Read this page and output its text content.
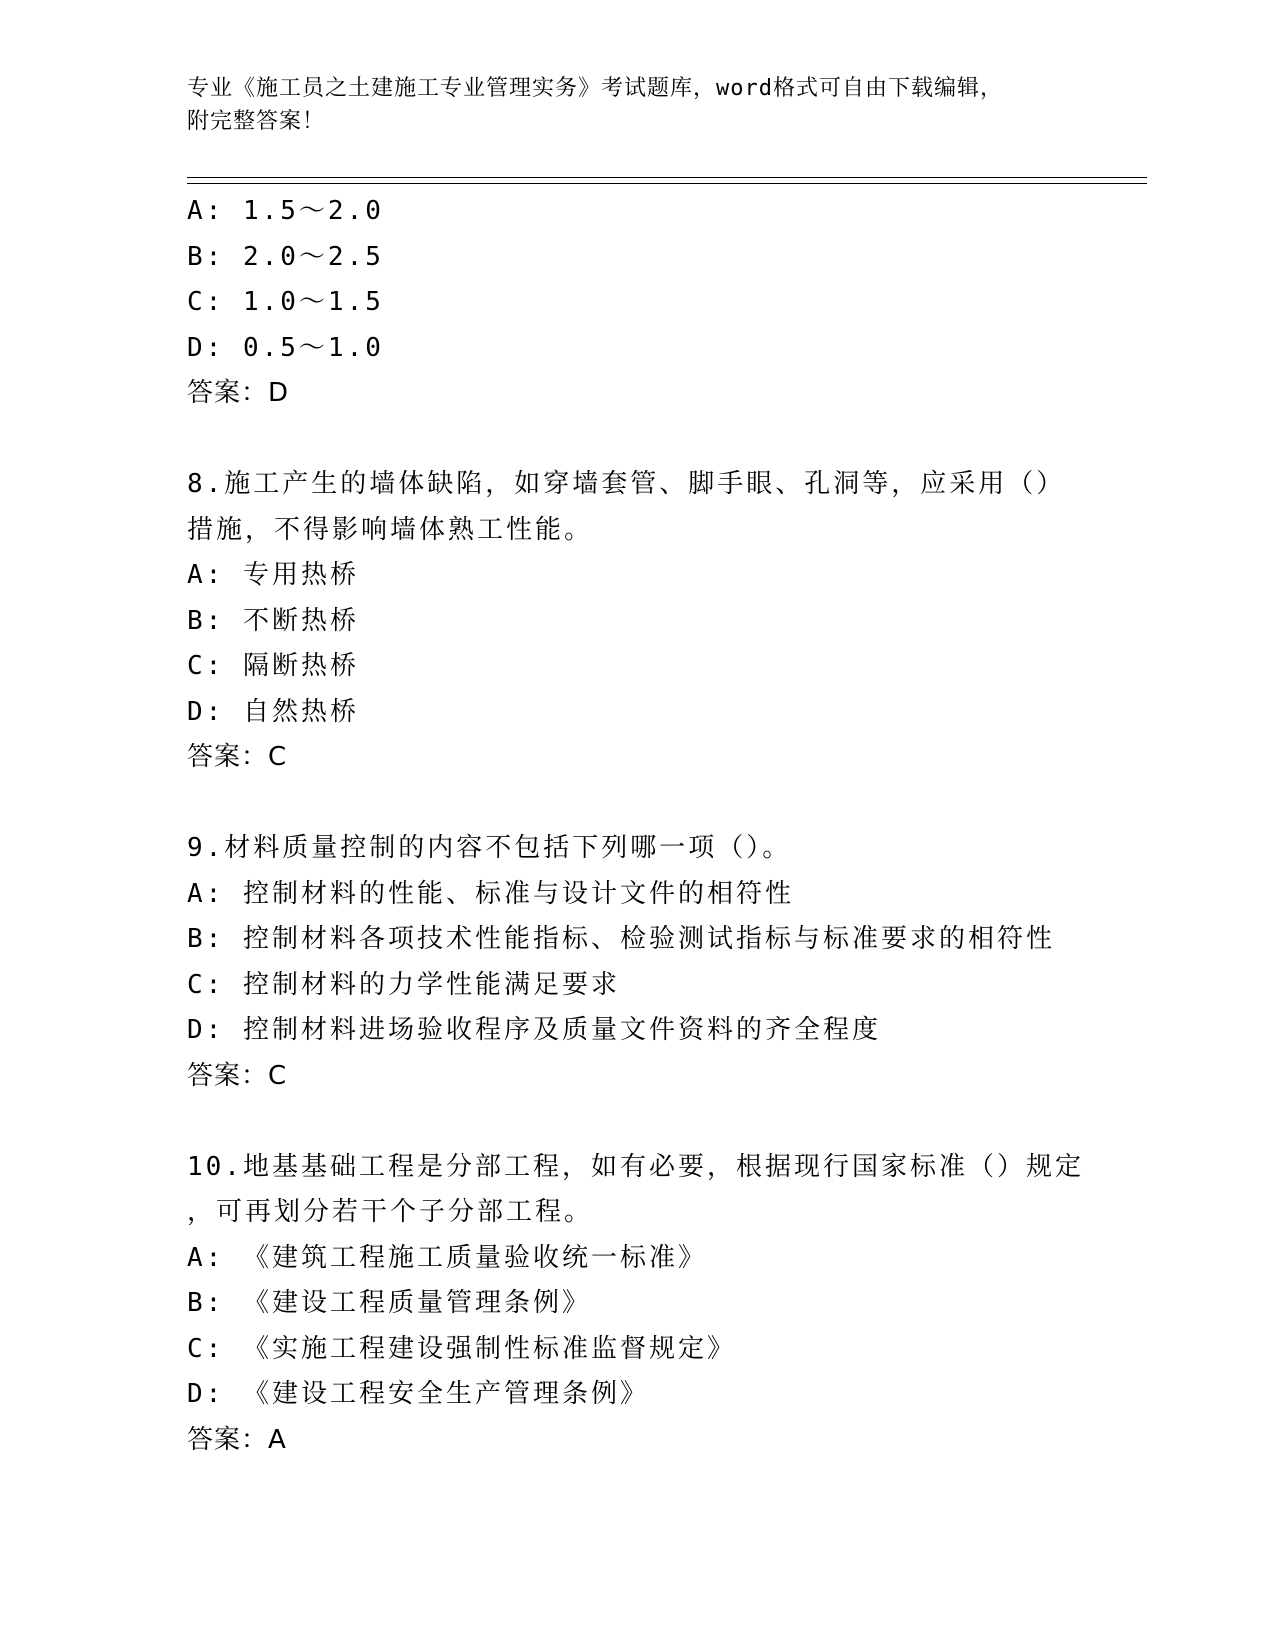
专业《施工员之土建施工专业管理实务》考试题库，word格式可自由下载编辑，
附完整答案！
A: 1.5～2.0
B: 2.0～2.5
C: 1.0～1.5
D: 0.5～1.0
答案：D
8.施工产生的墙体缺陷，如穿墙套管、脚手眼、孔洞等，应采用（）
措施，不得影响墙体熟工性能。
A: 专用热桥
B: 不断热桥
C: 隔断热桥
D: 自然热桥
答案：C
9.材料质量控制的内容不包括下列哪一项（）。
A: 控制材料的性能、标准与设计文件的相符性
B: 控制材料各项技术性能指标、检验测试指标与标准要求的相符性
C: 控制材料的力学性能满足要求
D: 控制材料进场验收程序及质量文件资料的齐全程度
答案：C
10.地基基础工程是分部工程，如有必要，根据现行国家标准（）规定
，可再划分若干个子分部工程。
A: 《建筑工程施工质量验收统一标准》
B: 《建设工程质量管理条例》
C: 《实施工程建设强制性标准监督规定》
D: 《建设工程安全生产管理条例》
答案：A
